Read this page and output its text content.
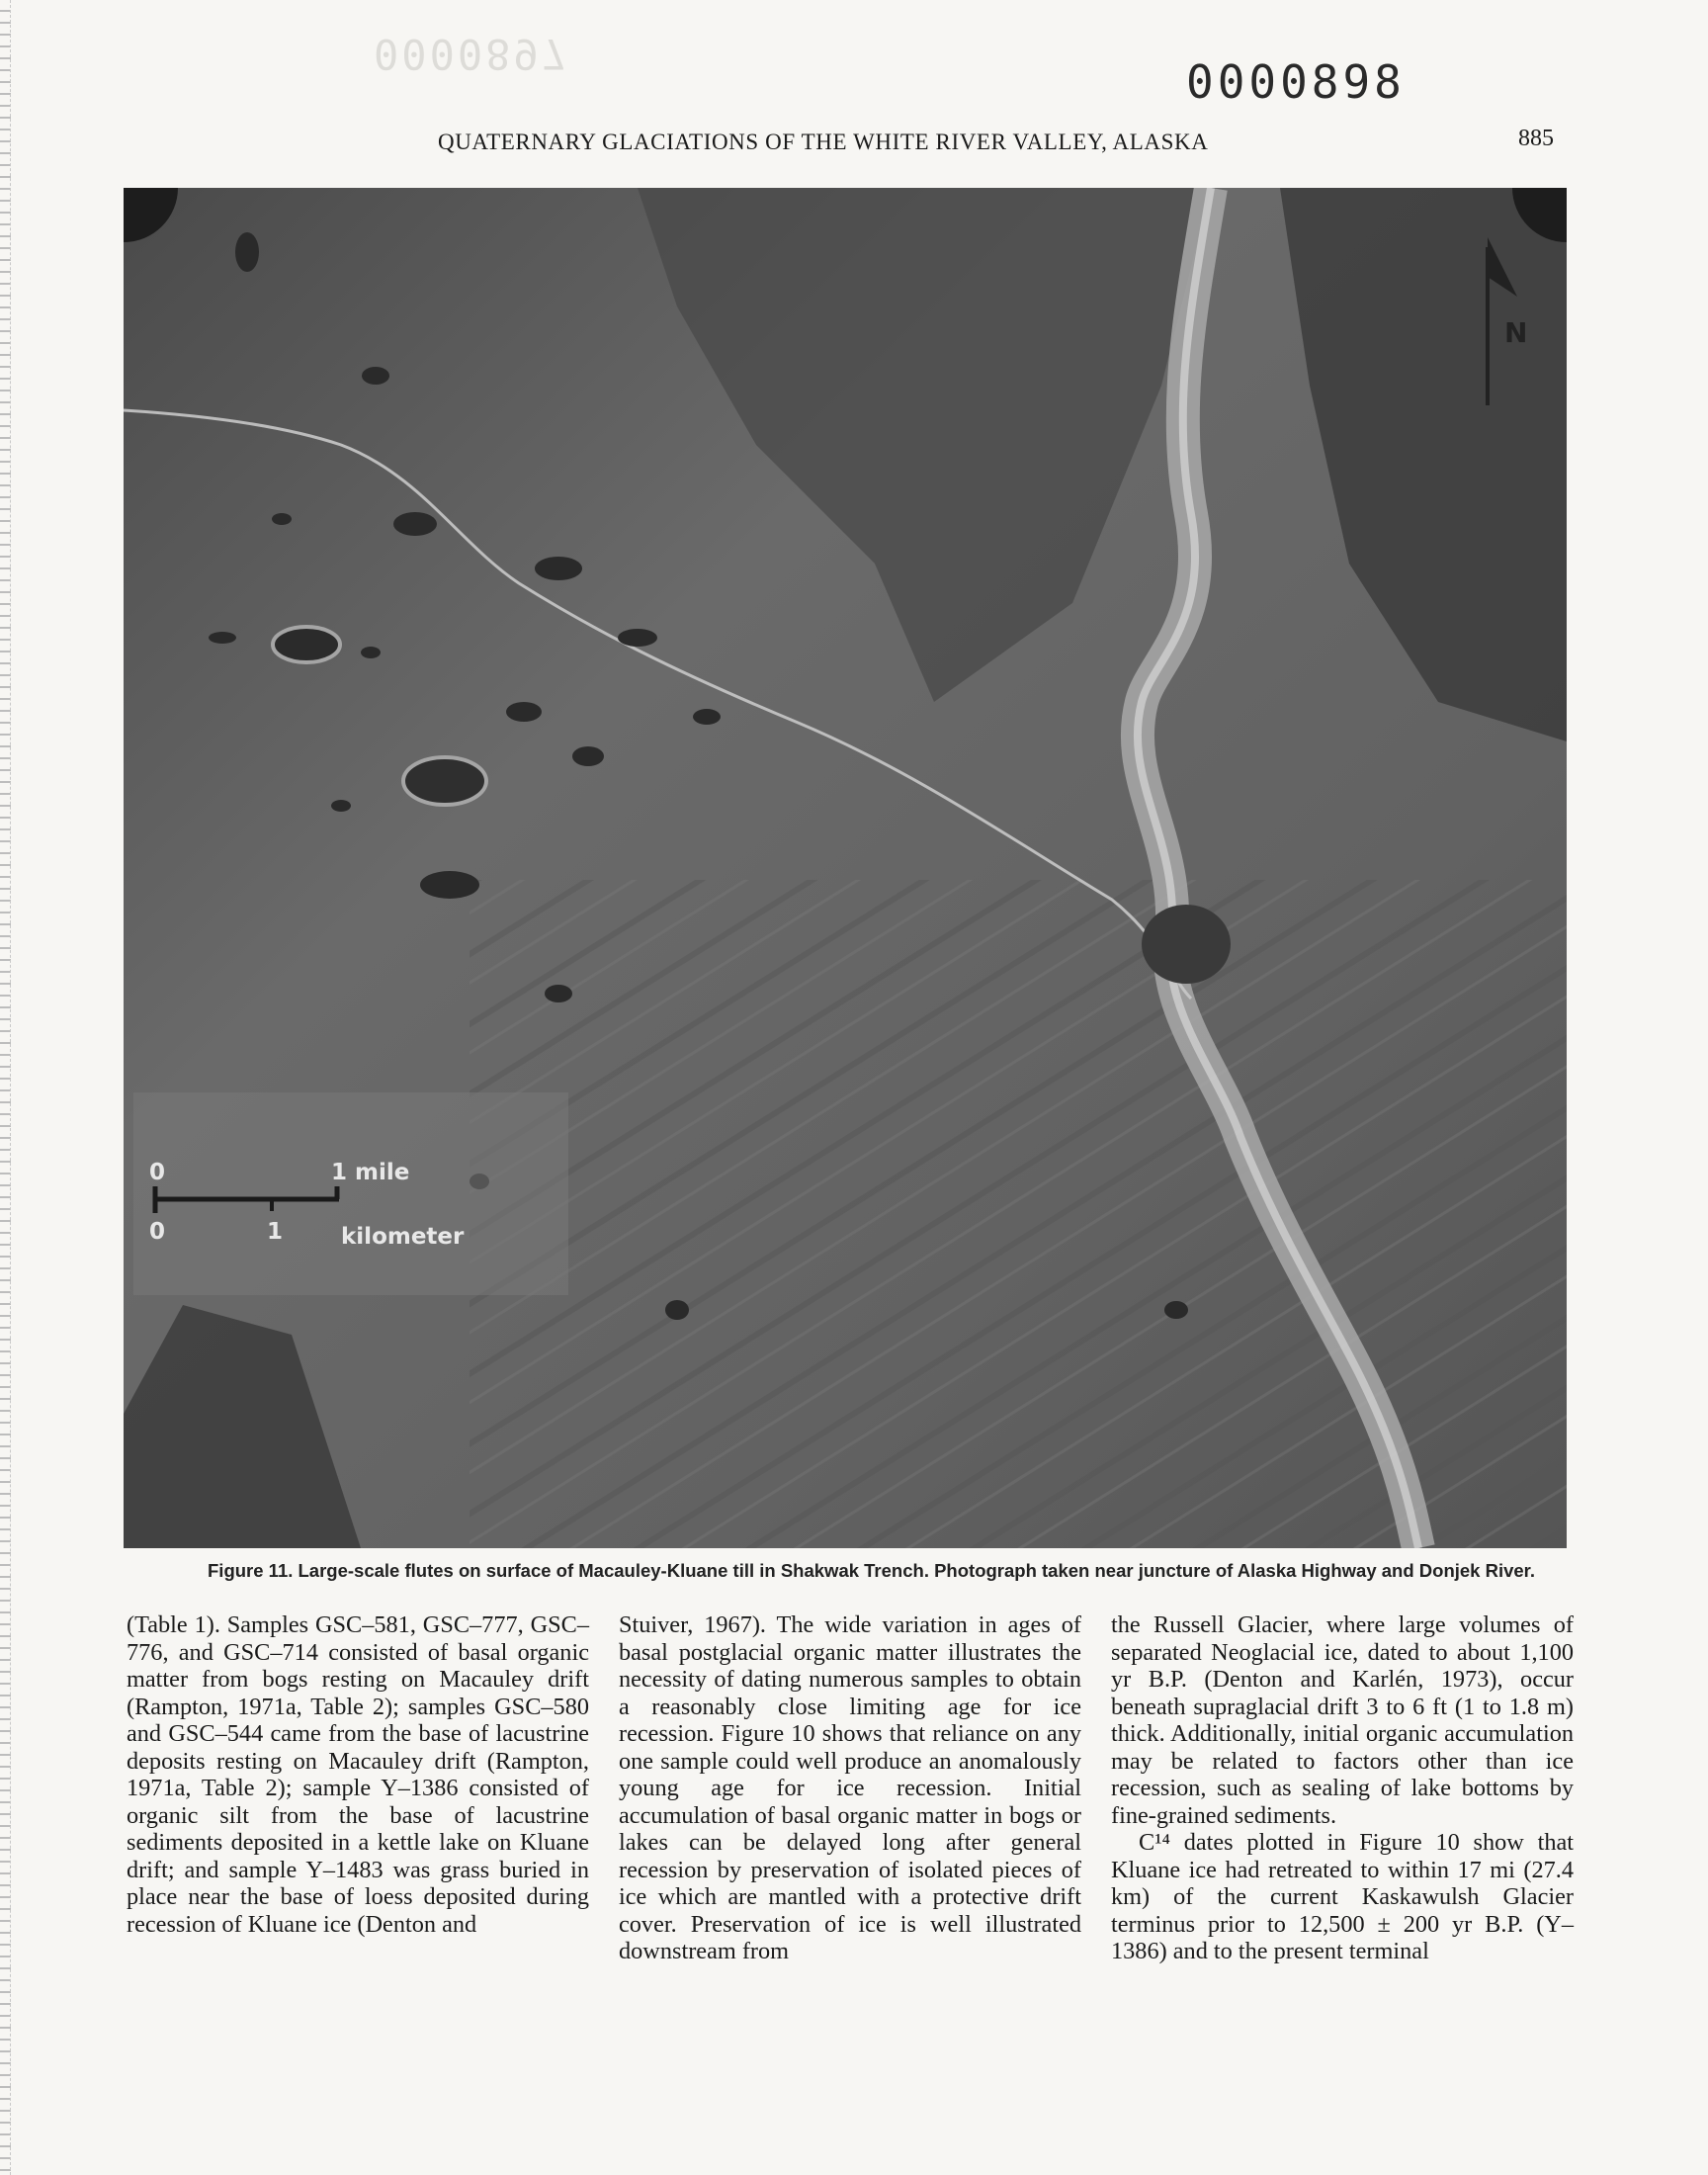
0000897
0000898
QUATERNARY GLACIATIONS OF THE WHITE RIVER VALLEY, ALASKA	885
N
0	1 mile
0	1	kilometer
Figure 11. Large-scale flutes on surface of Macauley-Kluane till in Shakwak Trench. Photograph taken near juncture of Alaska Highway and Donjek River.

(Table 1). Samples GSC–581, GSC–777, GSC–776, and GSC–714 consisted of basal organic matter from bogs resting on Macauley drift (Rampton, 1971a, Table 2); samples GSC–580 and GSC–544 came from the base of lacustrine deposits resting on Macauley drift (Rampton, 1971a, Table 2); sample Y–1386 consisted of organic silt from the base of lacustrine sediments deposited in a kettle lake on Kluane drift; and sample Y–1483 was grass buried in place near the base of loess deposited during recession of Kluane ice (Denton and

Stuiver, 1967). The wide variation in ages of basal postglacial organic matter illustrates the necessity of dating numerous samples to obtain a reasonably close limiting age for ice recession. Figure 10 shows that reliance on any one sample could well produce an anomalously young age for ice recession. Initial accumulation of basal organic matter in bogs or lakes can be delayed long after general recession by preservation of isolated pieces of ice which are mantled with a protective drift cover. Preservation of ice is well illustrated downstream from

the Russell Glacier, where large volumes of separated Neoglacial ice, dated to about 1,100 yr B.P. (Denton and Karlén, 1973), occur beneath supraglacial drift 3 to 6 ft (1 to 1.8 m) thick. Additionally, initial organic accumulation may be related to factors other than ice recession, such as sealing of lake bottoms by fine-grained sediments.

C¹⁴ dates plotted in Figure 10 show that Kluane ice had retreated to within 17 mi (27.4 km) of the current Kaskawulsh Glacier terminus prior to 12,500 ± 200 yr B.P. (Y–1386) and to the present terminal
